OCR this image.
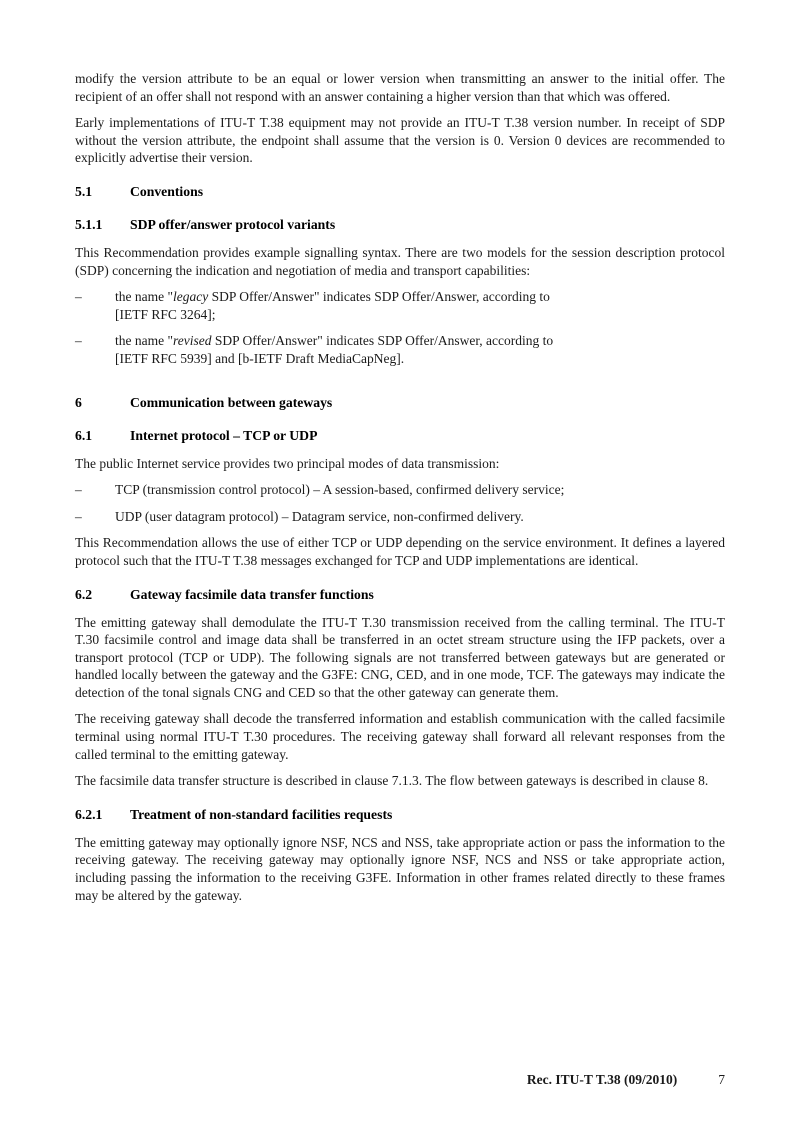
modify the version attribute to be an equal or lower version when transmitting an answer to the initial offer. The recipient of an offer shall not respond with an answer containing a higher version than that which was offered.

Early implementations of ITU-T T.38 equipment may not provide an ITU-T T.38 version number. In receipt of SDP without the version attribute, the endpoint shall assume that the version is 0. Version 0 devices are recommended to explicitly advertise their version.

5.1	Conventions
5.1.1 SDP offer/answer protocol variants

This Recommendation provides example signalling syntax. There are two models for the session description protocol (SDP) concerning the indication and negotiation of media and transport capabilities:

–	the name "legacy SDP Offer/Answer" indicates SDP Offer/Answer, according to
[IETF RFC 3264];
–	the name "revised SDP Offer/Answer" indicates SDP Offer/Answer, according to
[IETF RFC 5939] and [b-IETF Draft MediaCapNeg].
6	Communication between gateways
6.1	Internet protocol – TCP or UDP

The public Internet service provides two principal modes of data transmission:

–	TCP (transmission control protocol) – A session-based, confirmed delivery service;
–	UDP (user datagram protocol) – Datagram service, non-confirmed delivery.

This Recommendation allows the use of either TCP or UDP depending on the service environment. It defines a layered protocol such that the ITU-T T.38 messages exchanged for TCP and UDP implementations are identical.

6.2	Gateway facsimile data transfer functions

The emitting gateway shall demodulate the ITU-T T.30 transmission received from the calling terminal. The ITU-T T.30 facsimile control and image data shall be transferred in an octet stream structure using the IFP packets, over a transport protocol (TCP or UDP). The following signals are not transferred between gateways but are generated or handled locally between the gateway and the G3FE: CNG, CED, and in one mode, TCF. The gateways may indicate the detection of the tonal signals CNG and CED so that the other gateway can generate them.

The receiving gateway shall decode the transferred information and establish communication with the called facsimile terminal using normal ITU-T T.30 procedures. The receiving gateway shall forward all relevant responses from the called terminal to the emitting gateway.

The facsimile data transfer structure is described in clause 7.1.3. The flow between gateways is described in clause 8.

6.2.1 Treatment of non-standard facilities requests

The emitting gateway may optionally ignore NSF, NCS and NSS, take appropriate action or pass the information to the receiving gateway. The receiving gateway may optionally ignore NSF, NCS and NSS or take appropriate action, including passing the information to the receiving G3FE. Information in other frames related directly to these frames may be altered by the gateway.

Rec. ITU-T T.38 (09/2010)	7
